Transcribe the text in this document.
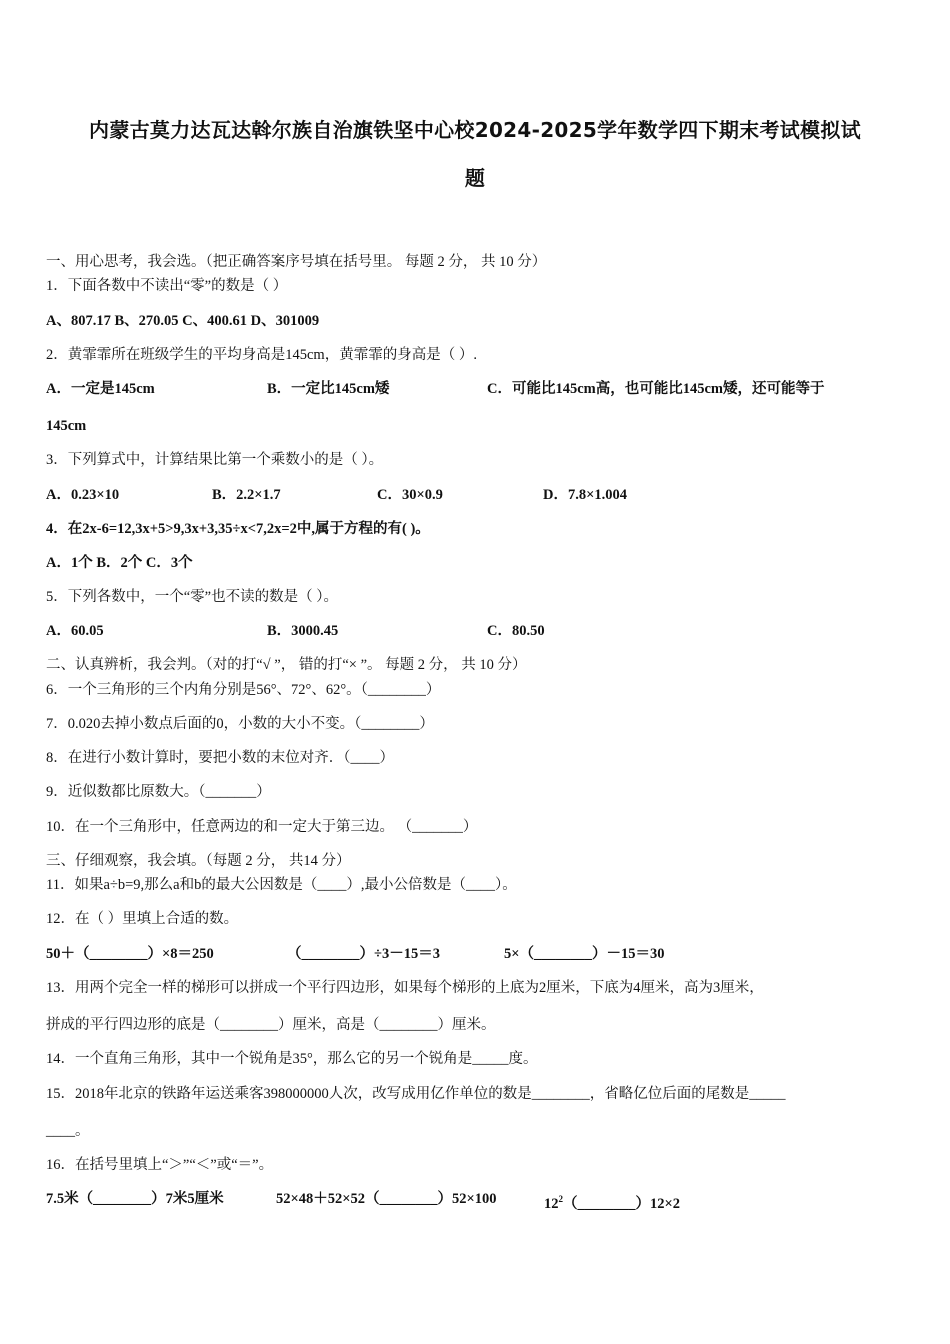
内蒙古莫力达瓦达斡尔族自治旗铁坚中心校2024-2025学年数学四下期末考试模拟试
题
一、用心思考，我会选。（把正确答案序号填在括号里。 每题 2 分， 共 10 分）
1．下面各数中不读出“零”的数是（ ）
A、807.17 B、270.05 C、400.61 D、301009
2．黄霏霏所在班级学生的平均身高是145cm，黄霏霏的身高是（ ）.
A．一定是145cm	B．一定比145cm矮	C．可能比145cm高，也可能比145cm矮，还可能等于
145cm
3．下列算式中，计算结果比第一个乘数小的是（ ）。
A．0.23×10	B．2.2×1.7	C．30×0.9	D．7.8×1.004
4．在2x-6=12,3x+5>9,3x+3,35÷x<7,2x=2中,属于方程的有( )。
A．1个 B．2个 C．3个
5．下列各数中，一个“零”也不读的数是（ ）。
A．60.05	B．3000.45	C．80.50
二、认真辨析，我会判。（对的打“√ ”， 错的打“× ”。 每题 2 分， 共 10 分）
6．一个三角形的三个内角分别是56°、72°、62°。（________）
7．0.020去掉小数点后面的0，小数的大小不变。（________）
8．在进行小数计算时，要把小数的末位对齐．（____）
9．近似数都比原数大。（_______）
10．在一个三角形中，任意两边的和一定大于第三边。 （_______）
三、仔细观察，我会填。（每题 2 分， 共14 分）
11．如果a÷b=9,那么a和b的最大公因数是（____）,最小公倍数是（____）。
12．在（ ）里填上合适的数。
50＋（________）×8＝250	（________）÷3－15＝3	5×（________）－15＝30
13．用两个完全一样的梯形可以拼成一个平行四边形，如果每个梯形的上底为2厘米，下底为4厘米，高为3厘米，
拼成的平行四边形的底是（________）厘米，高是（________）厘米。
14．一个直角三角形，其中一个锐角是35°，那么它的另一个锐角是_____度。
15．2018年北京的铁路年运送乘客398000000人次，改写成用亿作单位的数是________，省略亿位后面的尾数是_____
____。
16．在括号里填上“＞”“＜”或“＝”。
7.5米（________）7米5厘米	52×48＋52×52（________）52×100	$12^2(\_\_\_\_\_\_\_\_)12\times 2$
